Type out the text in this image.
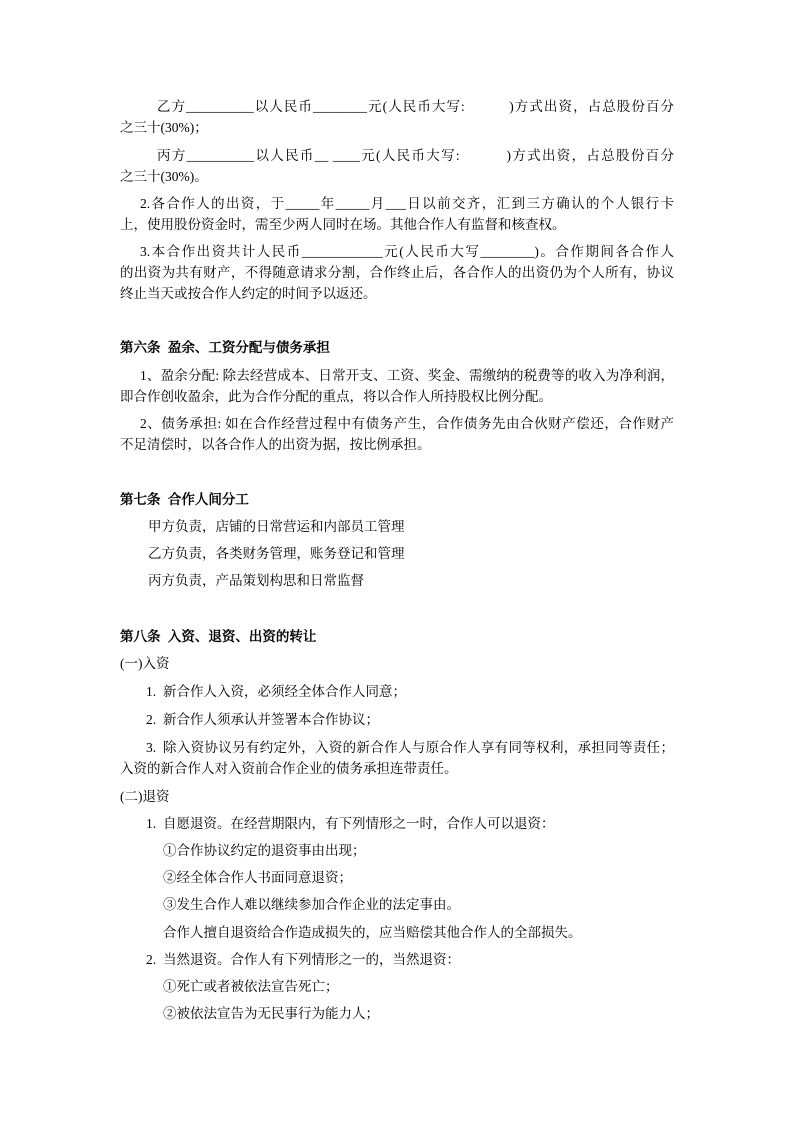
乙方__________以人民币________元(人民币大写:          )方式出资，占总股份百分
之三十(30%)；
丙方__________以人民币__ ____元(人民币大写:          )方式出资，占总股份百分
之三十(30%)。
2.各合作人的出资，于_____年_____月___日以前交齐，汇到三方确认的个人银行卡
上，使用股份资金时，需至少两人同时在场。其他合作人有监督和核查权。
3.本合作出资共计人民币____________元(人民币大写________)。合作期间各合作人
的出资为共有财产，不得随意请求分割，合作终止后，各合作人的出资仍为个人所有，协议
终止当天或按合作人约定的时间予以返还。
第六条 盈余、工资分配与债务承担
1、盈余分配: 除去经营成本、日常开支、工资、奖金、需缴纳的税费等的收入为净利润，
即合作创收盈余，此为合作分配的重点，将以合作人所持股权比例分配。
2、债务承担: 如在合作经营过程中有债务产生，合作债务先由合伙财产偿还，合作财产
不足清偿时，以各合作人的出资为据，按比例承担。
第七条 合作人间分工
甲方负责，店铺的日常营运和内部员工管理
乙方负责，各类财务管理，账务登记和管理
丙方负责，产品策划构思和日常监督
第八条 入资、退资、出资的转让
(一)入资
1. 新合作人入资，必须经全体合作人同意；
2. 新合作人须承认并签署本合作协议；
3. 除入资协议另有约定外，入资的新合作人与原合作人享有同等权利，承担同等责任；
入资的新合作人对入资前合作企业的债务承担连带责任。
(二)退资
1. 自愿退资。在经营期限内，有下列情形之一时，合作人可以退资：
①合作协议约定的退资事由出现；
②经全体合作人书面同意退资；
③发生合作人难以继续参加合作企业的法定事由。
合作人擅自退资给合作造成损失的，应当赔偿其他合作人的全部损失。
2. 当然退资。合作人有下列情形之一的，当然退资：
①死亡或者被依法宣告死亡；
②被依法宣告为无民事行为能力人；
